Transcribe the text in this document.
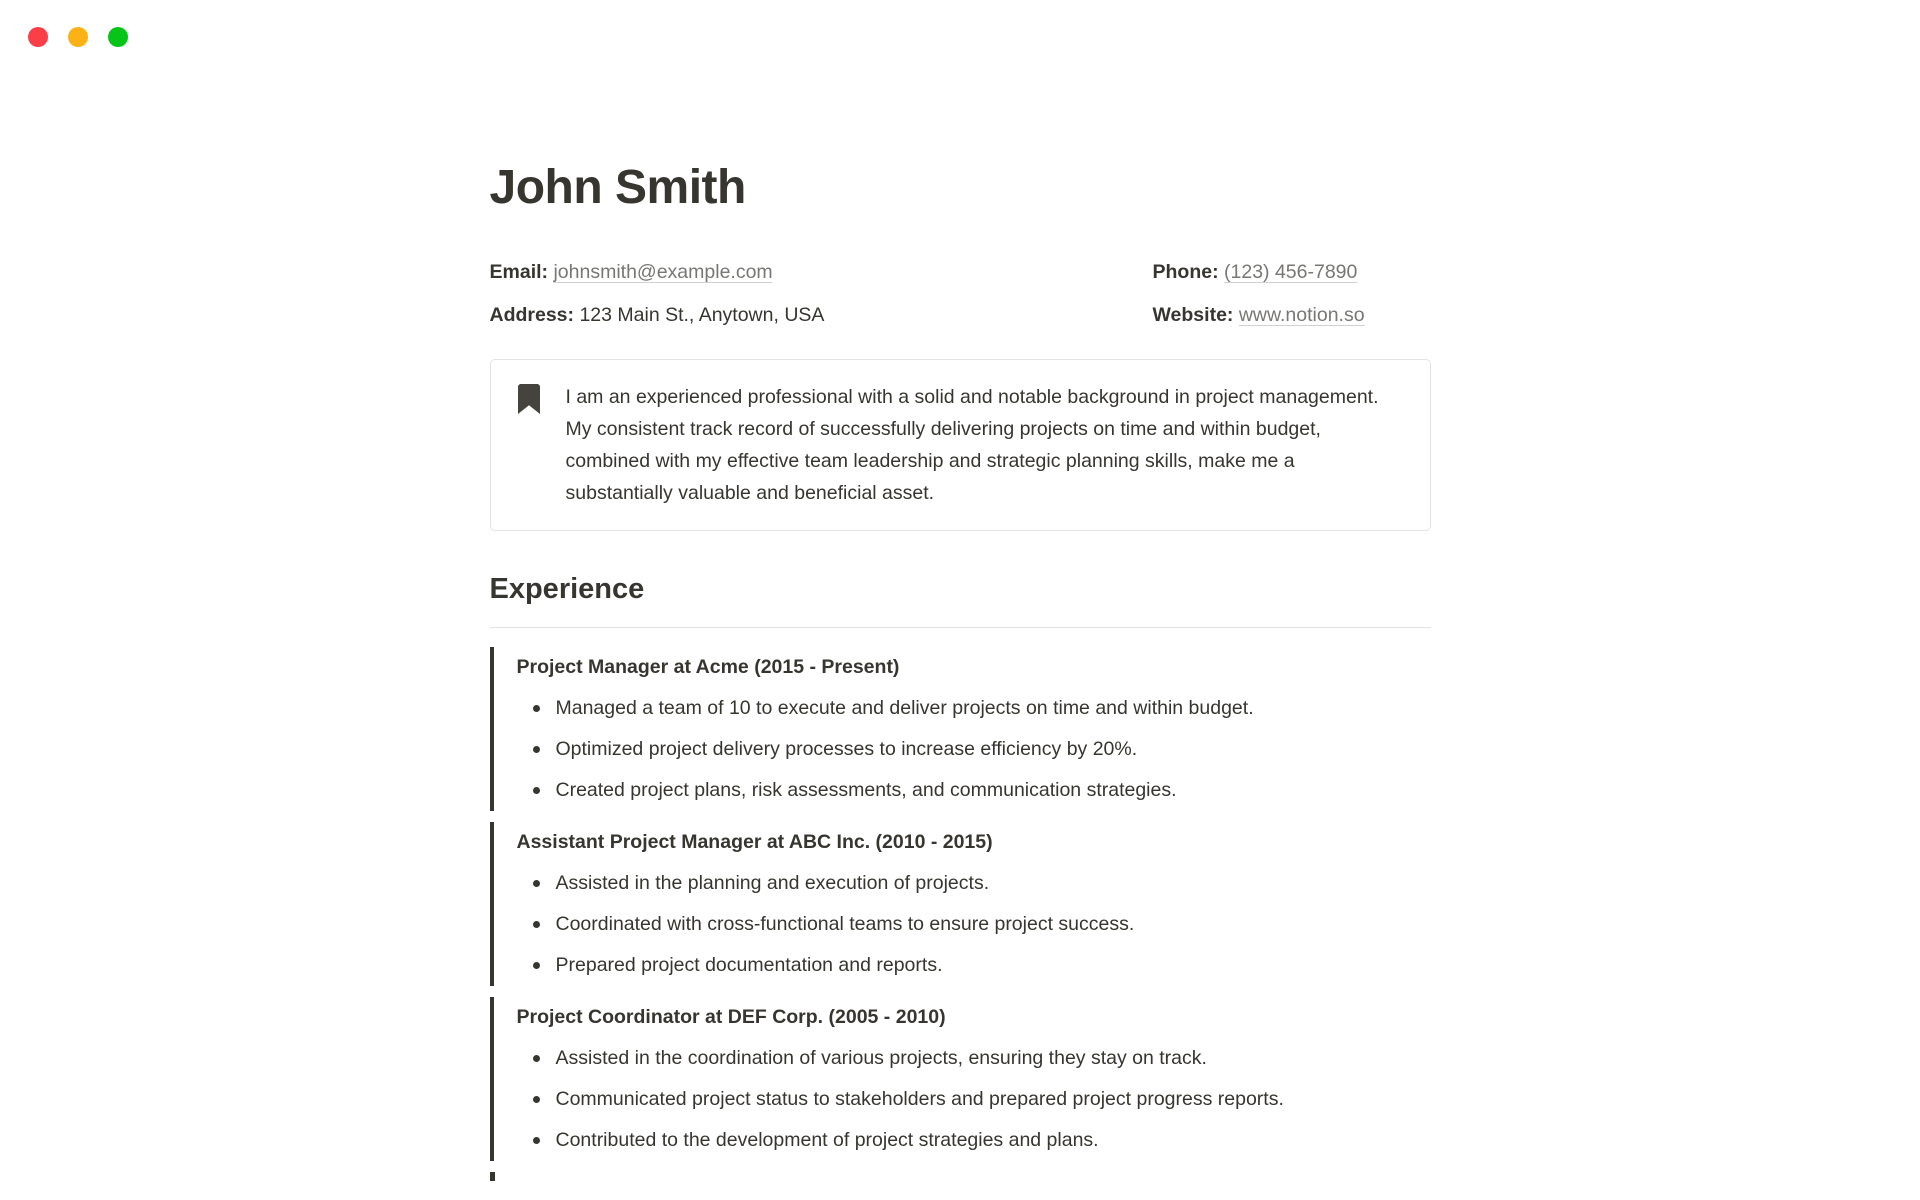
John Smith
Email: johnsmith@example.com	Phone: (123) 456-7890
Address: 123 Main St., Anytown, USA	Website: www.notion.so
I am an experienced professional with a solid and notable background in project management. My consistent track record of successfully delivering projects on time and within budget, combined with my effective team leadership and strategic planning skills, make me a substantially valuable and beneficial asset.
Experience
Project Manager at Acme (2015 - Present)
Managed a team of 10 to execute and deliver projects on time and within budget.
Optimized project delivery processes to increase efficiency by 20%.
Created project plans, risk assessments, and communication strategies.
Assistant Project Manager at ABC Inc. (2010 - 2015)
Assisted in the planning and execution of projects.
Coordinated with cross-functional teams to ensure project success.
Prepared project documentation and reports.
Project Coordinator at DEF Corp. (2005 - 2010)
Assisted in the coordination of various projects, ensuring they stay on track.
Communicated project status to stakeholders and prepared project progress reports.
Contributed to the development of project strategies and plans.
